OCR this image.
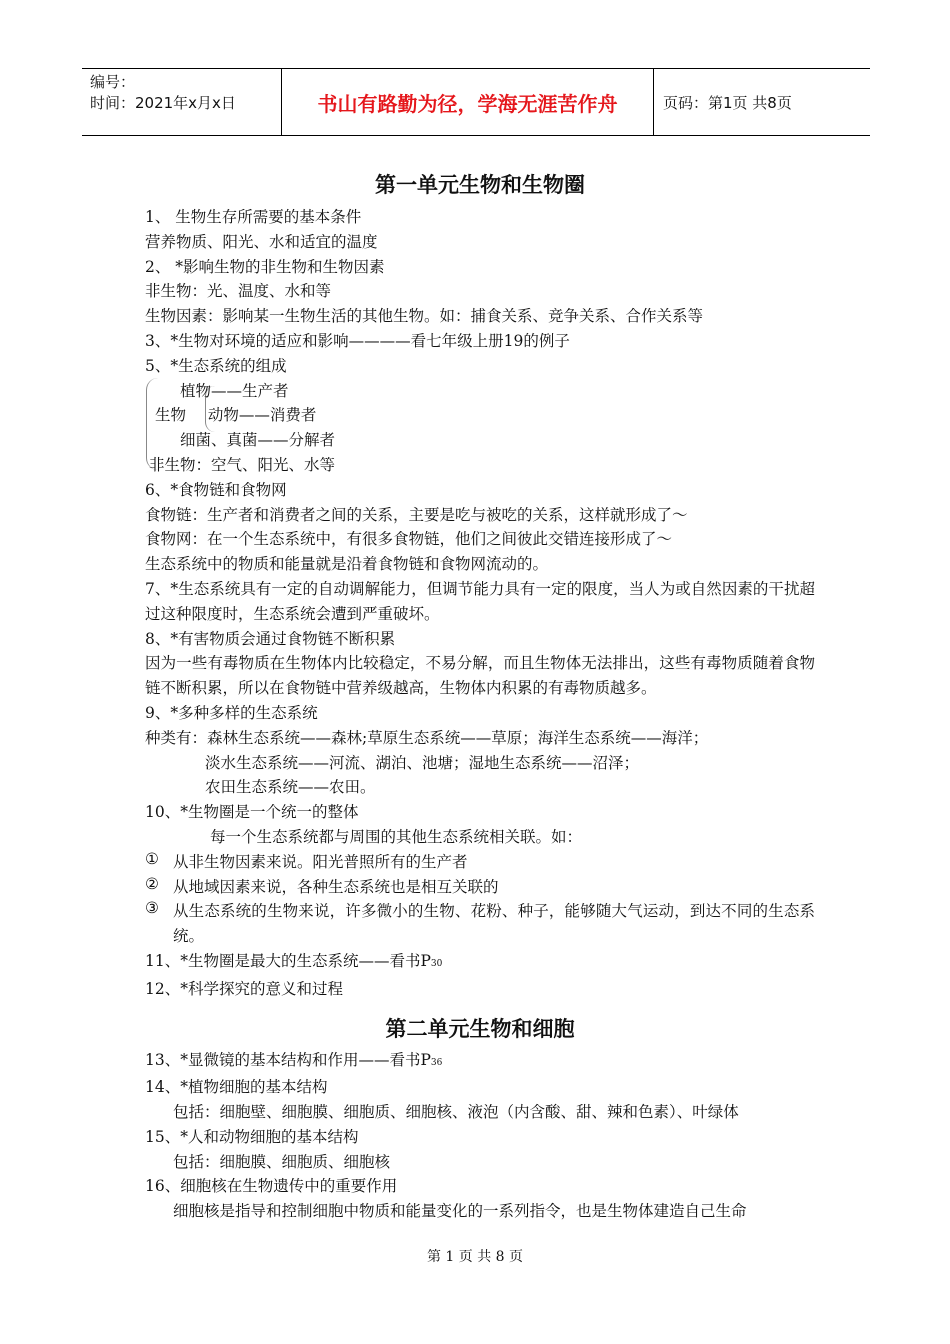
编号：
时间：2021年x月x日	书山有路勤为径，学海无涯苦作舟	页码：第1页 共8页
第一单元生物和生物圈
1、 生物生存所需要的基本条件
营养物质、阳光、水和适宜的温度
2、 *影响生物的非生物和生物因素
非生物：光、温度、水和等
生物因素：影响某一生物生活的其他生物。如：捕食关系、竞争关系、合作关系等
3、*生物对环境的适应和影响————看七年级上册19的例子
5、*生态系统的组成
植物——生产者
生物 动物——消费者
细菌、真菌——分解者
非生物：空气、阳光、水等
6、*食物链和食物网
食物链：生产者和消费者之间的关系，主要是吃与被吃的关系，这样就形成了～
食物网：在一个生态系统中，有很多食物链，他们之间彼此交错连接形成了～
生态系统中的物质和能量就是沿着食物链和食物网流动的。
7、*生态系统具有一定的自动调解能力，但调节能力具有一定的限度，当人为或自然因素的干扰超过这种限度时，生态系统会遭到严重破坏。
8、*有害物质会通过食物链不断积累
因为一些有毒物质在生物体内比较稳定，不易分解，而且生物体无法排出，这些有毒物质随着食物链不断积累，所以在食物链中营养级越高，生物体内积累的有毒物质越多。
9、*多种多样的生态系统
种类有：森林生态系统——森林;草原生态系统——草原；海洋生态系统——海洋；
淡水生态系统——河流、湖泊、池塘；湿地生态系统——沼泽；
农田生态系统——农田。
10、*生物圈是一个统一的整体
每一个生态系统都与周围的其他生态系统相关联。如：
① 从非生物因素来说。阳光普照所有的生产者
② 从地域因素来说，各种生态系统也是相互关联的
③ 从生态系统的生物来说，许多微小的生物、花粉、种子，能够随大气运动，到达不同的生态系统。
11、*生物圈是最大的生态系统——看书P30
12、*科学探究的意义和过程
第二单元生物和细胞
13、*显微镜的基本结构和作用——看书P36
14、*植物细胞的基本结构
包括：细胞壁、细胞膜、细胞质、细胞核、液泡（内含酸、甜、辣和色素）、叶绿体
15、*人和动物细胞的基本结构
包括：细胞膜、细胞质、细胞核
16、细胞核在生物遗传中的重要作用
细胞核是指导和控制细胞中物质和能量变化的一系列指令，也是生物体建造自己生命
第 1 页 共 8 页
